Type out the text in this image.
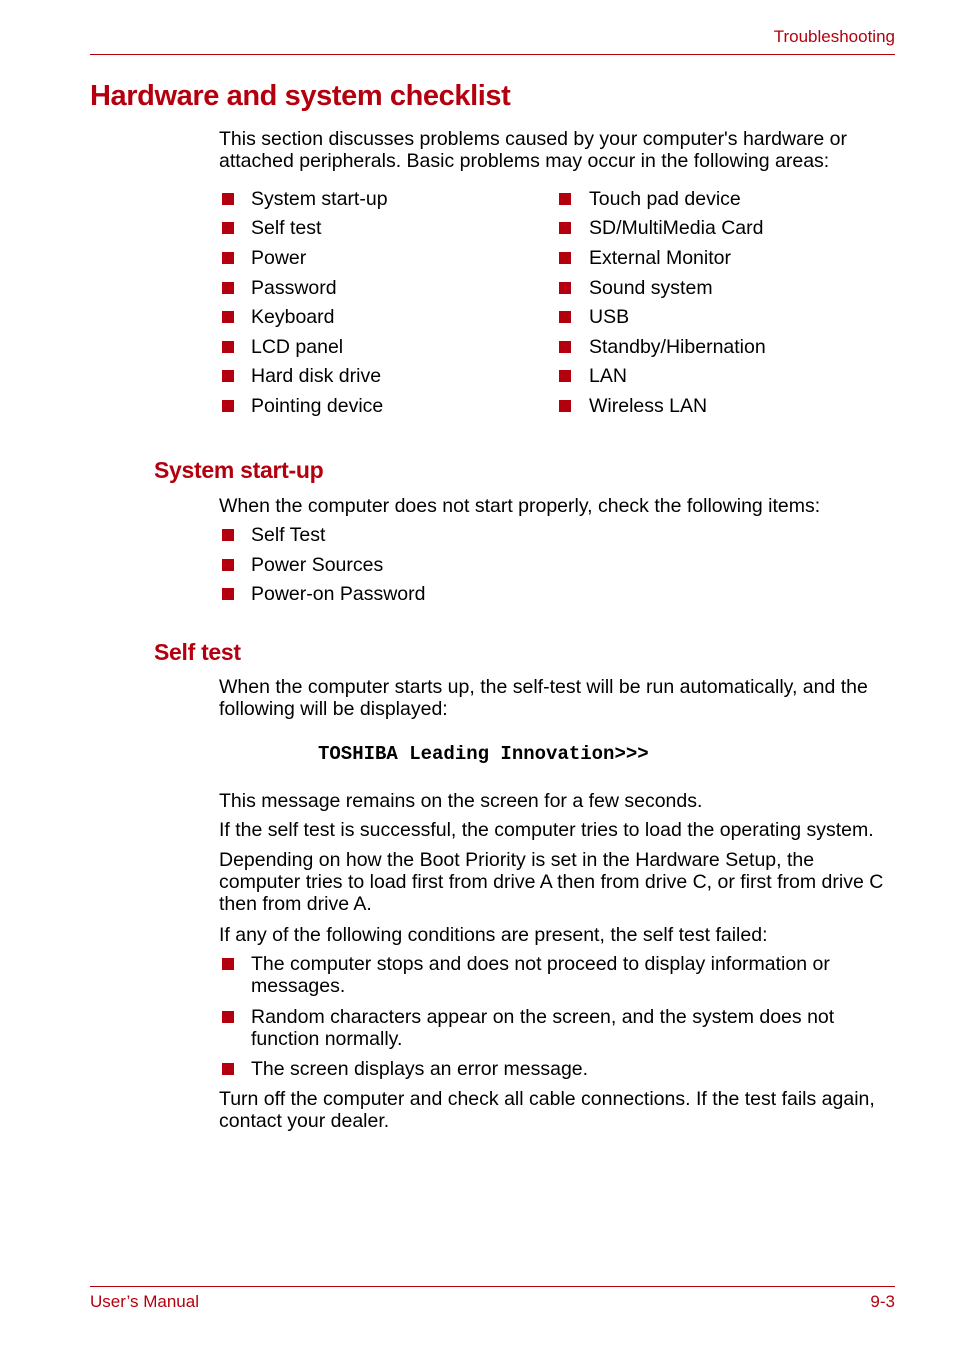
Troubleshooting
Hardware and system checklist
This section discusses problems caused by your computer's hardware or attached peripherals. Basic problems may occur in the following areas:
System start-up
Self test
Power
Password
Keyboard
LCD panel
Hard disk drive
Pointing device
Touch pad device
SD/MultiMedia Card
External Monitor
Sound system
USB
Standby/Hibernation
LAN
Wireless LAN
System start-up
When the computer does not start properly, check the following items:
Self Test
Power Sources
Power-on Password
Self test
When the computer starts up, the self-test will be run automatically, and the following will be displayed:
TOSHIBA Leading Innovation>>>
This message remains on the screen for a few seconds.
If the self test is successful, the computer tries to load the operating system.
Depending on how the Boot Priority is set in the Hardware Setup, the computer tries to load first from drive A then from drive C, or first from drive C then from drive A.
If any of the following conditions are present, the self test failed:
The computer stops and does not proceed to display information or messages.
Random characters appear on the screen, and the system does not function normally.
The screen displays an error message.
Turn off the computer and check all cable connections. If the test fails again, contact your dealer.
User’s Manual	9-3
